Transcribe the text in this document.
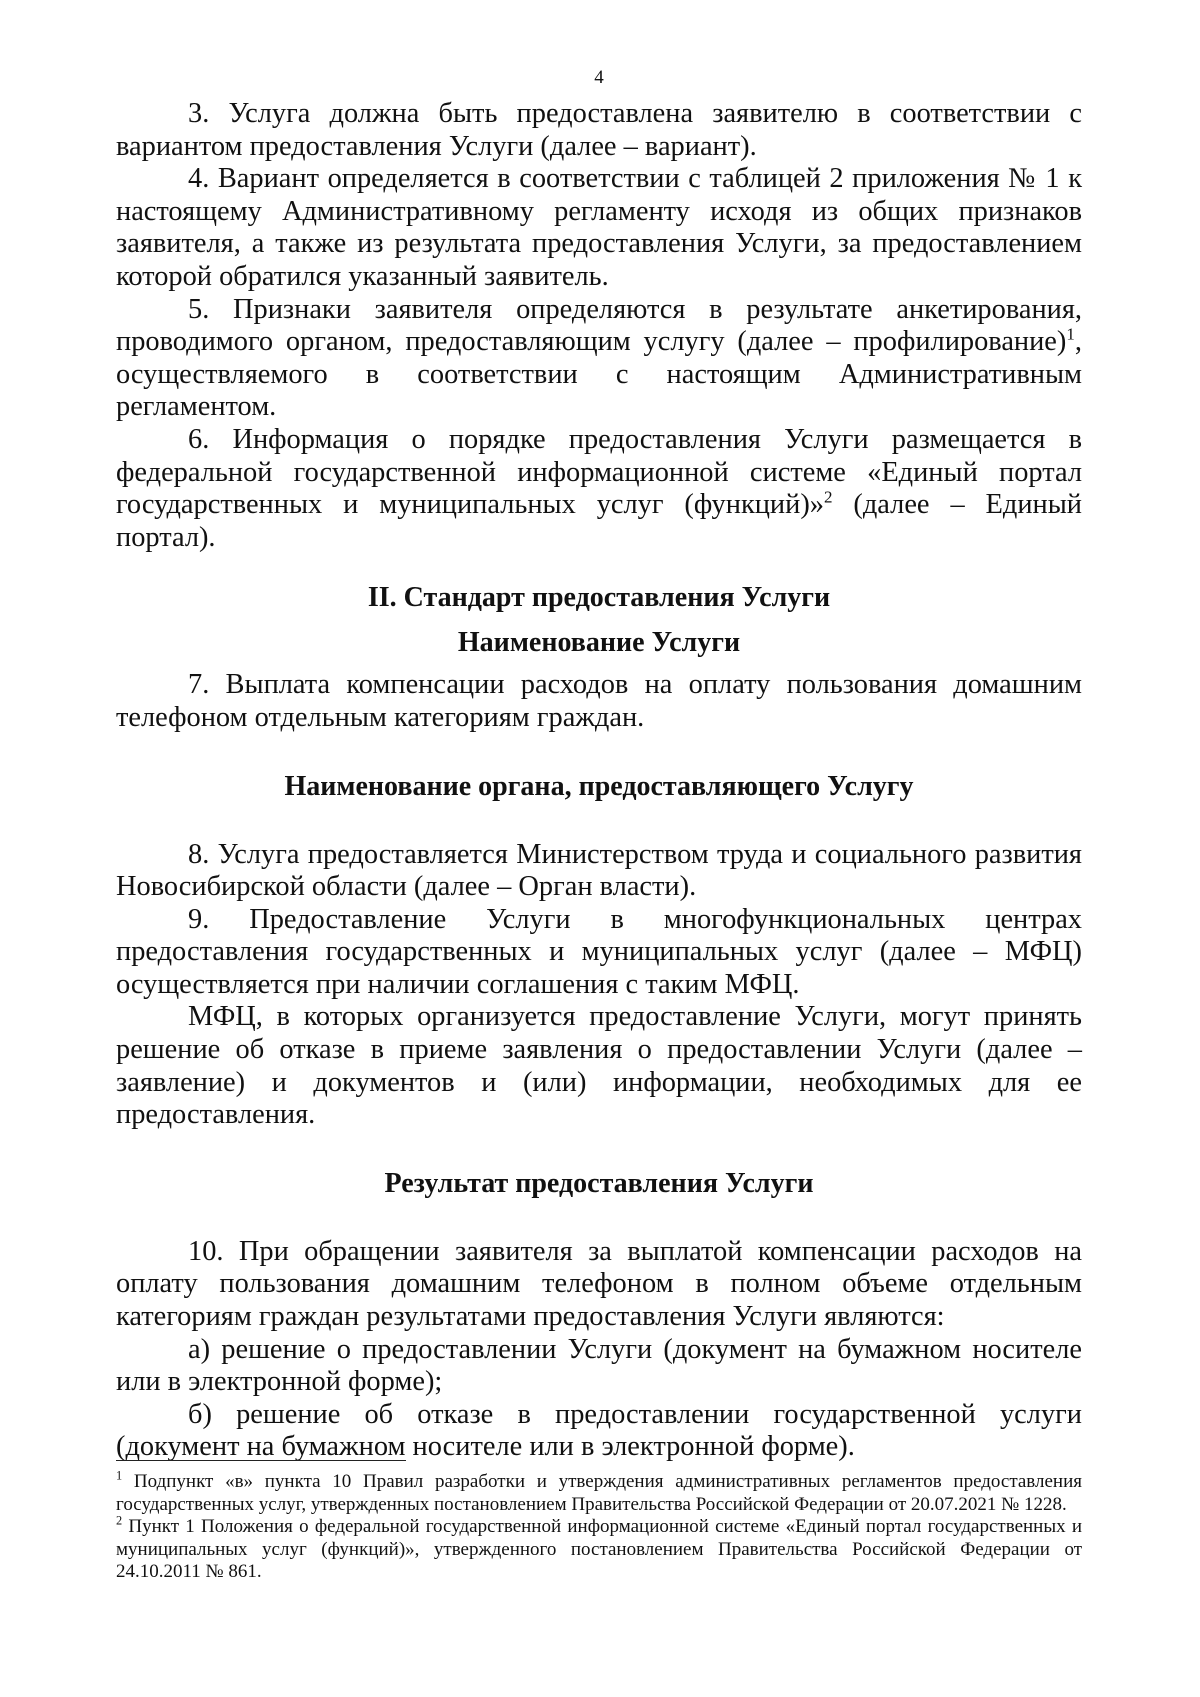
4

3. Услуга должна быть предоставлена заявителю в соответствии с вариантом предоставления Услуги (далее – вариант).

4. Вариант определяется в соответствии с таблицей 2 приложения № 1 к настоящему Административному регламенту исходя из общих признаков заявителя, а также из результата предоставления Услуги, за предоставлением которой обратился указанный заявитель.

5. Признаки заявителя определяются в результате анкетирования, проводимого органом, предоставляющим услугу (далее – профилирование)$^1$, осуществляемого в соответствии с настоящим Административным регламентом.

6. Информация о порядке предоставления Услуги размещается в федеральной государственной информационной системе «Единый портал государственных и муниципальных услуг (функций)»$^2$ (далее – Единый портал).

II. Стандарт предоставления Услуги
Наименование Услуги

7. Выплата компенсации расходов на оплату пользования домашним телефоном отдельным категориям граждан.

Наименование органа, предоставляющего Услугу

8. Услуга предоставляется Министерством труда и социального развития Новосибирской области (далее – Орган власти).

9. Предоставление Услуги в многофункциональных центрах предоставления государственных и муниципальных услуг (далее – МФЦ) осуществляется при наличии соглашения с таким МФЦ.

МФЦ, в которых организуется предоставление Услуги, могут принять решение об отказе в приеме заявления о предоставлении Услуги (далее – заявление) и документов и (или) информации, необходимых для ее предоставления.

Результат предоставления Услуги

10. При обращении заявителя за выплатой компенсации расходов на оплату пользования домашним телефоном в полном объеме отдельным категориям граждан результатами предоставления Услуги являются:

а) решение о предоставлении Услуги (документ на бумажном носителе или в электронной форме);

б) решение об отказе в предоставлении государственной услуги (документ на бумажном носителе или в электронной форме).

$^1$ Подпункт «в» пункта 10 Правил разработки и утверждения административных регламентов предоставления государственных услуг, утвержденных постановлением Правительства Российской Федерации от 20.07.2021 № 1228.

$^2$ Пункт 1 Положения о федеральной государственной информационной системе «Единый портал государственных и муниципальных услуг (функций)», утвержденного постановлением Правительства Российской Федерации от 24.10.2011 № 861.
